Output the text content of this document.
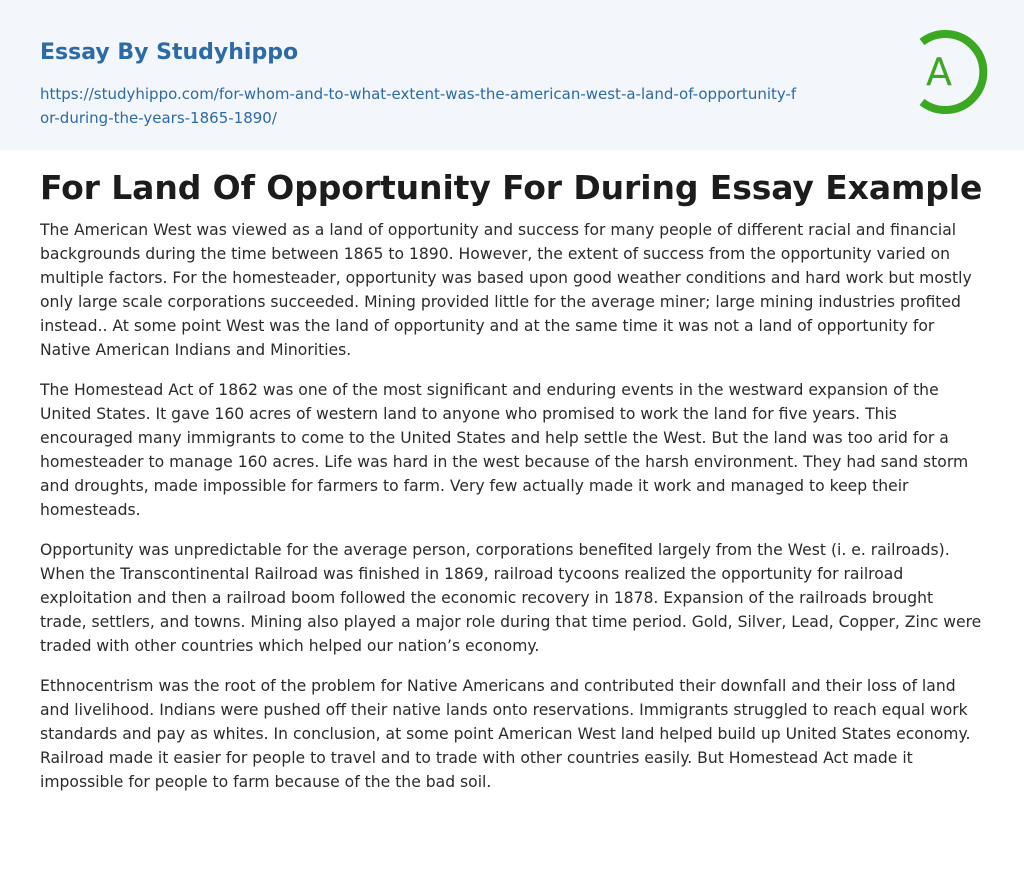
Essay By Studyhippo
https://studyhippo.com/for-whom-and-to-what-extent-was-the-american-west-a-land-of-opportunity-for-during-the-years-1865-1890/
A
For Land Of Opportunity For During Essay Example

The American West was viewed as a land of opportunity and success for many people of different racial and financial backgrounds during the time between 1865 to 1890. However, the extent of success from the opportunity varied on multiple factors. For the homesteader, opportunity was based upon good weather conditions and hard work but mostly only large scale corporations succeeded. Mining provided little for the average miner; large mining industries profited instead.. At some point West was the land of opportunity and at the same time it was not a land of opportunity for Native American Indians and Minorities.

The Homestead Act of 1862 was one of the most significant and enduring events in the westward expansion of the United States. It gave 160 acres of western land to anyone who promised to work the land for five years. This encouraged many immigrants to come to the United States and help settle the West. But the land was too arid for a homesteader to manage 160 acres. Life was hard in the west because of the harsh environment. They had sand storm and droughts, made impossible for farmers to farm. Very few actually made it work and managed to keep their homesteads.

Opportunity was unpredictable for the average person, corporations benefited largely from the West (i. e. railroads). When the Transcontinental Railroad was finished in 1869, railroad tycoons realized the opportunity for railroad exploitation and then a railroad boom followed the economic recovery in 1878. Expansion of the railroads brought trade, settlers, and towns. Mining also played a major role during that time period. Gold, Silver, Lead, Copper, Zinc were traded with other countries which helped our nation’s economy.

Ethnocentrism was the root of the problem for Native Americans and contributed their downfall and their loss of land and livelihood. Indians were pushed off their native lands onto reservations. Immigrants struggled to reach equal work standards and pay as whites. In conclusion, at some point American West land helped build up United States economy. Railroad made it easier for people to travel and to trade with other countries easily. But Homestead Act made it impossible for people to farm because of the the bad soil.
